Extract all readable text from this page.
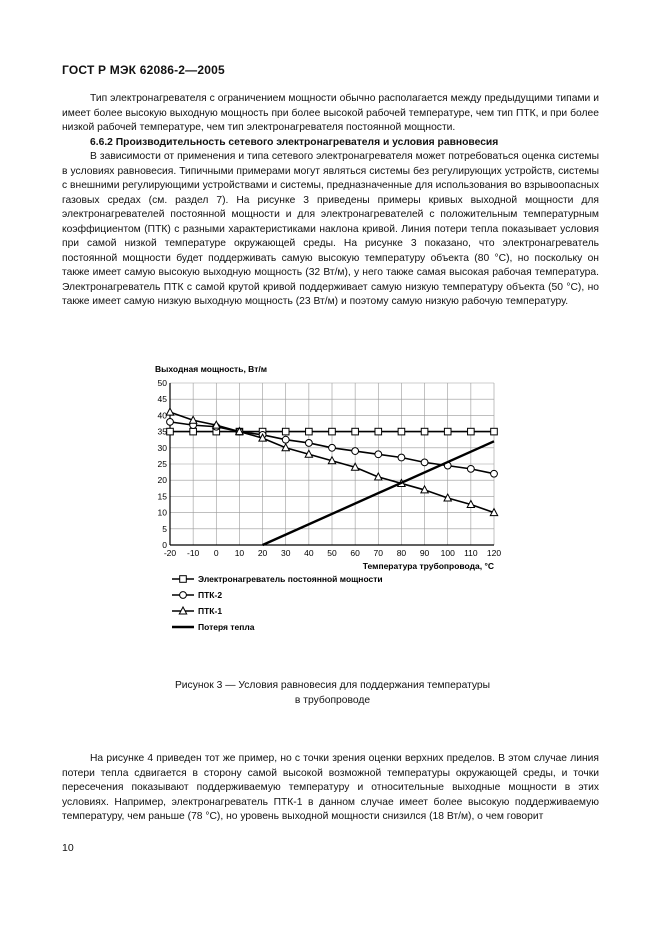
ГОСТ Р МЭК 62086-2—2005

Тип электронагревателя с ограничением мощности обычно располагается между предыдущими типами и имеет более высокую выходную мощность при более высокой рабочей температуре, чем тип ПТК, и при более низкой рабочей температуре, чем тип электронагревателя постоянной мощности.

6.6.2 Производительность сетевого электронагревателя и условия равновесия

В зависимости от применения и типа сетевого электронагревателя может потребоваться оценка системы в условиях равновесия. Типичными примерами могут являться системы без регулирующих устройств, системы с внешними регулирующими устройствами и системы, предназначенные для использования во взрывоопасных газовых средах (см. раздел 7). На рисунке 3 приведены примеры кривых выходной мощности для электронагревателей постоянной мощности и для электронагревателей с положительным температурным коэффициентом (ПТК) с разными характеристиками наклона кривой. Линия потери тепла показывает условия при самой низкой температуре окружающей среды. На рисунке 3 показано, что электронагреватель постоянной мощности будет поддерживать самую высокую температуру объекта (80 °С), но поскольку он также имеет самую высокую выходную мощность (32 Вт/м), у него также самая высокая рабочая температура. Электронагреватель ПТК с самой крутой кривой поддерживает самую низкую температуру объекта (50 °С), но также имеет самую низкую выходную мощность (23 Вт/м) и поэтому самую низкую рабочую температуру.

0
5
10
15
20
25
30
35
40
45
50
-20 -10 0 10 20 30 40 50 60 70 80 90 100 110 120
Выходная мощность, Вт/м
Температура трубопровода, °С
Электронагреватель постоянной мощности
ПТК-2
ПТК-1
Потеря тепла
Рисунок 3 — Условия равновесия для поддержания температуры
в трубопроводе

На рисунке 4 приведен тот же пример, но с точки зрения оценки верхних пределов. В этом случае линия потери тепла сдвигается в сторону самой высокой возможной температуры окружающей среды, и точки пересечения показывают поддерживаемую температуру и относительные выходные мощности в этих условиях. Например, электронагреватель ПТК-1 в данном случае имеет более высокую поддерживаемую температуру, чем раньше (78 °С), но уровень выходной мощности снизился (18 Вт/м), о чем говорит

10
